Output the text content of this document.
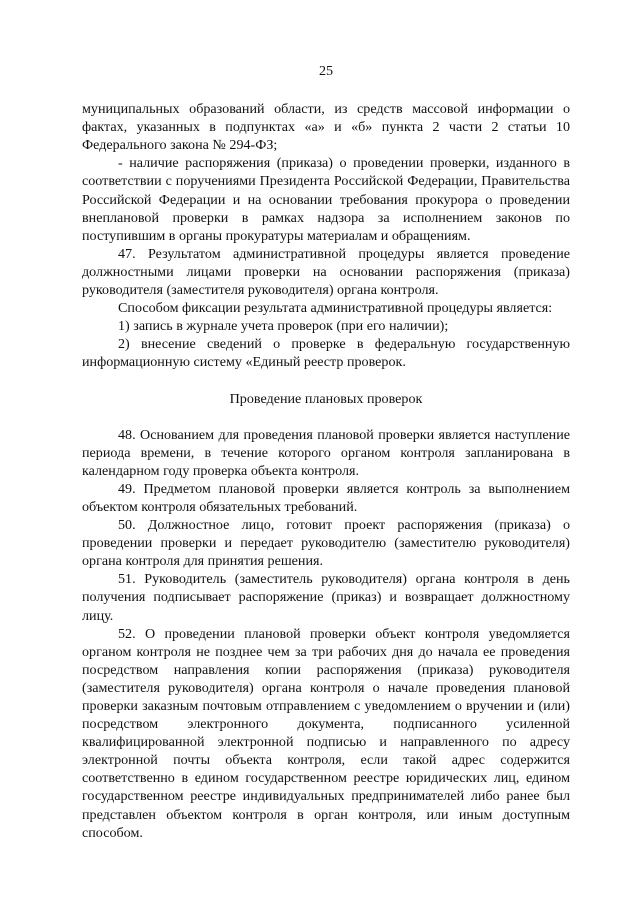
25

муниципальных образований области, из средств массовой информации о фактах, указанных в подпунктах «а» и «б» пункта 2 части 2 статьи 10 Федерального закона № 294-ФЗ;

- наличие распоряжения (приказа) о проведении проверки, изданного в соответствии с поручениями Президента Российской Федерации, Правительства Российской Федерации и на основании требования прокурора о проведении внеплановой проверки в рамках надзора за исполнением законов по поступившим в органы прокуратуры материалам и обращениям.

47. Результатом административной процедуры является проведение должностными лицами проверки на основании распоряжения (приказа) руководителя (заместителя руководителя) органа контроля.

Способом фиксации результата административной процедуры является:

1) запись в журнале учета проверок (при его наличии);

2) внесение сведений о проверке в федеральную государственную информационную систему «Единый реестр проверок.

Проведение плановых проверок

48. Основанием для проведения плановой проверки является наступление периода времени, в течение которого органом контроля запланирована в календарном году проверка объекта контроля.

49. Предметом плановой проверки является контроль за выполнением объектом контроля обязательных требований.

50. Должностное лицо, готовит проект распоряжения (приказа) о проведении проверки и передает руководителю (заместителю руководителя) органа контроля для принятия решения.

51. Руководитель (заместитель руководителя) органа контроля в день получения подписывает распоряжение (приказ) и возвращает должностному лицу.

52. О проведении плановой проверки объект контроля уведомляется органом контроля не позднее чем за три рабочих дня до начала ее проведения посредством направления копии распоряжения (приказа) руководителя (заместителя руководителя) органа контроля о начале проведения плановой проверки заказным почтовым отправлением с уведомлением о вручении и (или) посредством электронного документа, подписанного усиленной квалифицированной электронной подписью и направленного по адресу электронной почты объекта контроля, если такой адрес содержится соответственно в едином государственном реестре юридических лиц, едином государственном реестре индивидуальных предпринимателей либо ранее был представлен объектом контроля в орган контроля, или иным доступным способом.
